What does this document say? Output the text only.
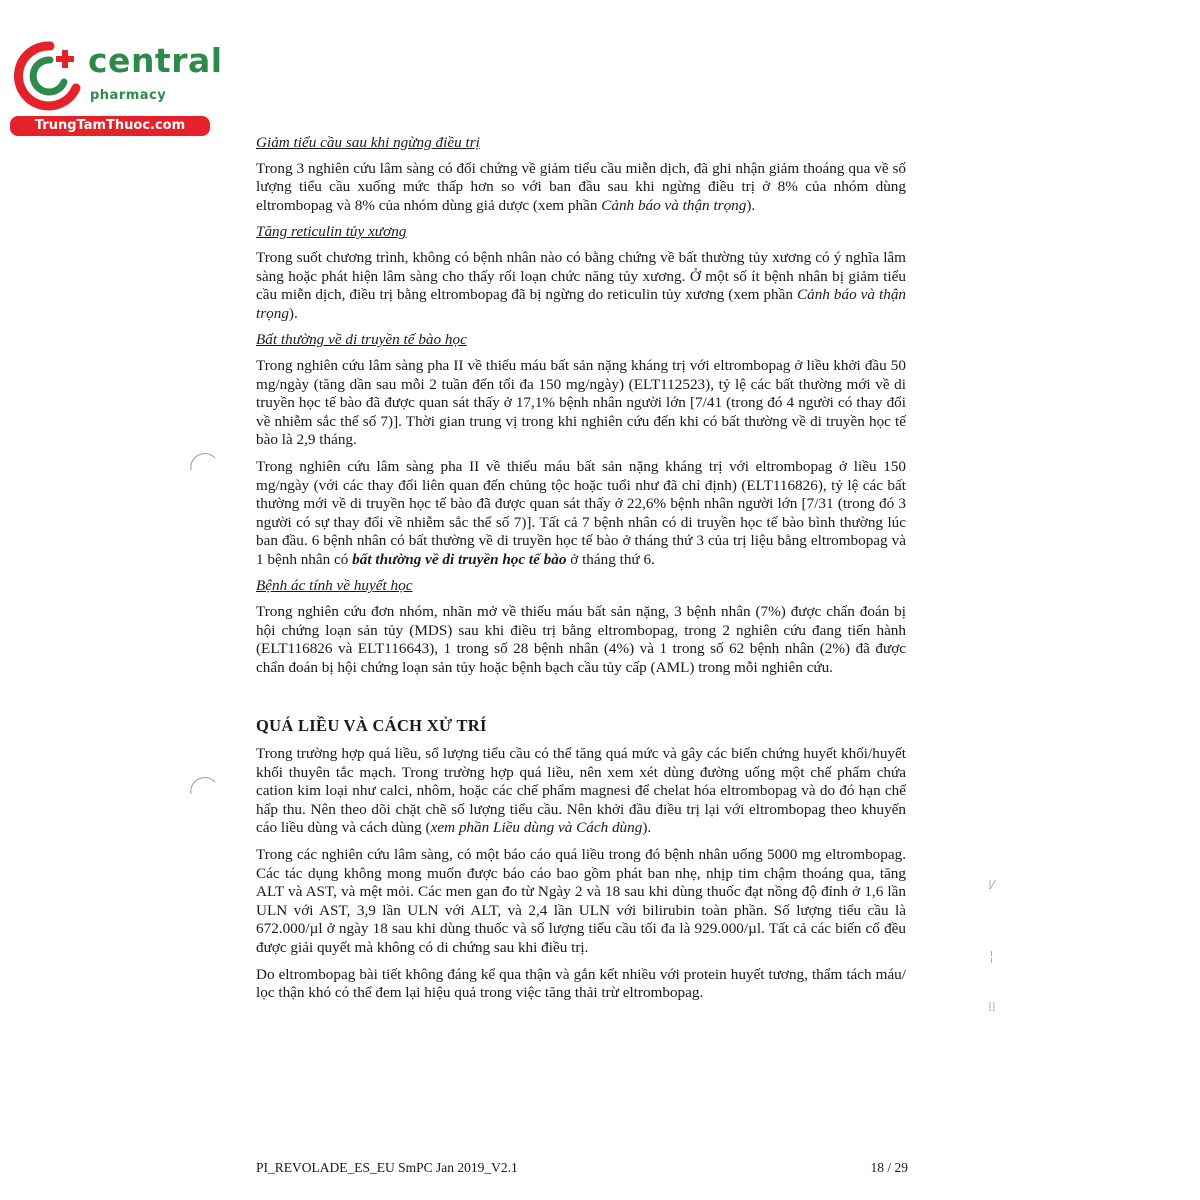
central
pharmacy
TrungTamThuoc.com
⁞⁄
╎
⁞⁞
Giảm tiểu cầu sau khi ngừng điều trị

Trong 3 nghiên cứu lâm sàng có đối chứng về giảm tiểu cầu miễn dịch, đã ghi nhận giảm thoáng qua về số lượng tiểu cầu xuống mức thấp hơn so với ban đầu sau khi ngừng điều trị ở 8% của nhóm dùng eltrombopag và 8% của nhóm dùng giả dược (xem phần Cảnh báo và thận trọng).

Tăng reticulin tủy xương

Trong suốt chương trình, không có bệnh nhân nào có bằng chứng về bất thường tủy xương có ý nghĩa lâm sàng hoặc phát hiện lâm sàng cho thấy rối loạn chức năng tủy xương. Ở một số ít bệnh nhân bị giảm tiểu cầu miễn dịch, điều trị bằng eltrombopag đã bị ngừng do reticulin tủy xương (xem phần Cảnh báo và thận trọng).

Bất thường về di truyền tế bào học

Trong nghiên cứu lâm sàng pha II về thiếu máu bất sản nặng kháng trị với eltrombopag ở liều khởi đầu 50 mg/ngày (tăng dần sau mỗi 2 tuần đến tối đa 150 mg/ngày) (ELT112523), tỷ lệ các bất thường mới về di truyền học tế bào đã được quan sát thấy ở 17,1% bệnh nhân người lớn [7/41 (trong đó 4 người có thay đổi về nhiễm sắc thể số 7)]. Thời gian trung vị trong khi nghiên cứu đến khi có bất thường về di truyền học tế bào là 2,9 tháng.

Trong nghiên cứu lâm sàng pha II về thiếu máu bất sản nặng kháng trị với eltrombopag ở liều 150 mg/ngày (với các thay đổi liên quan đến chủng tộc hoặc tuổi như đã chỉ định) (ELT116826), tỷ lệ các bất thường mới về di truyền học tế bào đã được quan sát thấy ở 22,6% bệnh nhân người lớn [7/31 (trong đó 3 người có sự thay đổi về nhiễm sắc thể số 7)]. Tất cả 7 bệnh nhân có di truyền học tế bào bình thường lúc ban đầu. 6 bệnh nhân có bất thường về di truyền học tế bào ở tháng thứ 3 của trị liệu bằng eltrombopag và 1 bệnh nhân có bất thường về di truyền học tế bào ở tháng thứ 6.

Bệnh ác tính về huyết học

Trong nghiên cứu đơn nhóm, nhãn mở về thiếu máu bất sản nặng, 3 bệnh nhân (7%) được chẩn đoán bị hội chứng loạn sản tủy (MDS) sau khi điều trị bằng eltrombopag, trong 2 nghiên cứu đang tiến hành (ELT116826 và ELT116643), 1 trong số 28 bệnh nhân (4%) và 1 trong số 62 bệnh nhân (2%) đã được chẩn đoán bị hội chứng loạn sản tủy hoặc bệnh bạch cầu tủy cấp (AML) trong mỗi nghiên cứu.

QUÁ LIỀU VÀ CÁCH XỬ TRÍ

Trong trường hợp quá liều, số lượng tiểu cầu có thể tăng quá mức và gây các biến chứng huyết khối/huyết khối thuyên tắc mạch. Trong trường hợp quá liều, nên xem xét dùng đường uống một chế phẩm chứa cation kim loại như calci, nhôm, hoặc các chế phẩm magnesi để chelat hóa eltrombopag và do đó hạn chế hấp thu. Nên theo dõi chặt chẽ số lượng tiểu cầu. Nên khởi đầu điều trị lại với eltrombopag theo khuyến cáo liều dùng và cách dùng (xem phần Liều dùng và Cách dùng).

Trong các nghiên cứu lâm sàng, có một báo cáo quá liều trong đó bệnh nhân uống 5000 mg eltrombopag. Các tác dụng không mong muốn được báo cáo bao gồm phát ban nhẹ, nhịp tim chậm thoáng qua, tăng ALT và AST, và mệt mỏi. Các men gan đo từ Ngày 2 và 18 sau khi dùng thuốc đạt nồng độ đỉnh ở 1,6 lần ULN với AST, 3,9 lần ULN với ALT, và 2,4 lần ULN với bilirubin toàn phần. Số lượng tiểu cầu là 672.000/µl ở ngày 18 sau khi dùng thuốc và số lượng tiểu cầu tối đa là 929.000/µl. Tất cả các biến cố đều được giải quyết mà không có di chứng sau khi điều trị.

Do eltrombopag bài tiết không đáng kể qua thận và gắn kết nhiều với protein huyết tương, thẩm tách máu/ lọc thận khó có thể đem lại hiệu quả trong việc tăng thải trừ eltrombopag.

PI_REVOLADE_ES_EU SmPC Jan 2019_V2.1	18 / 29
